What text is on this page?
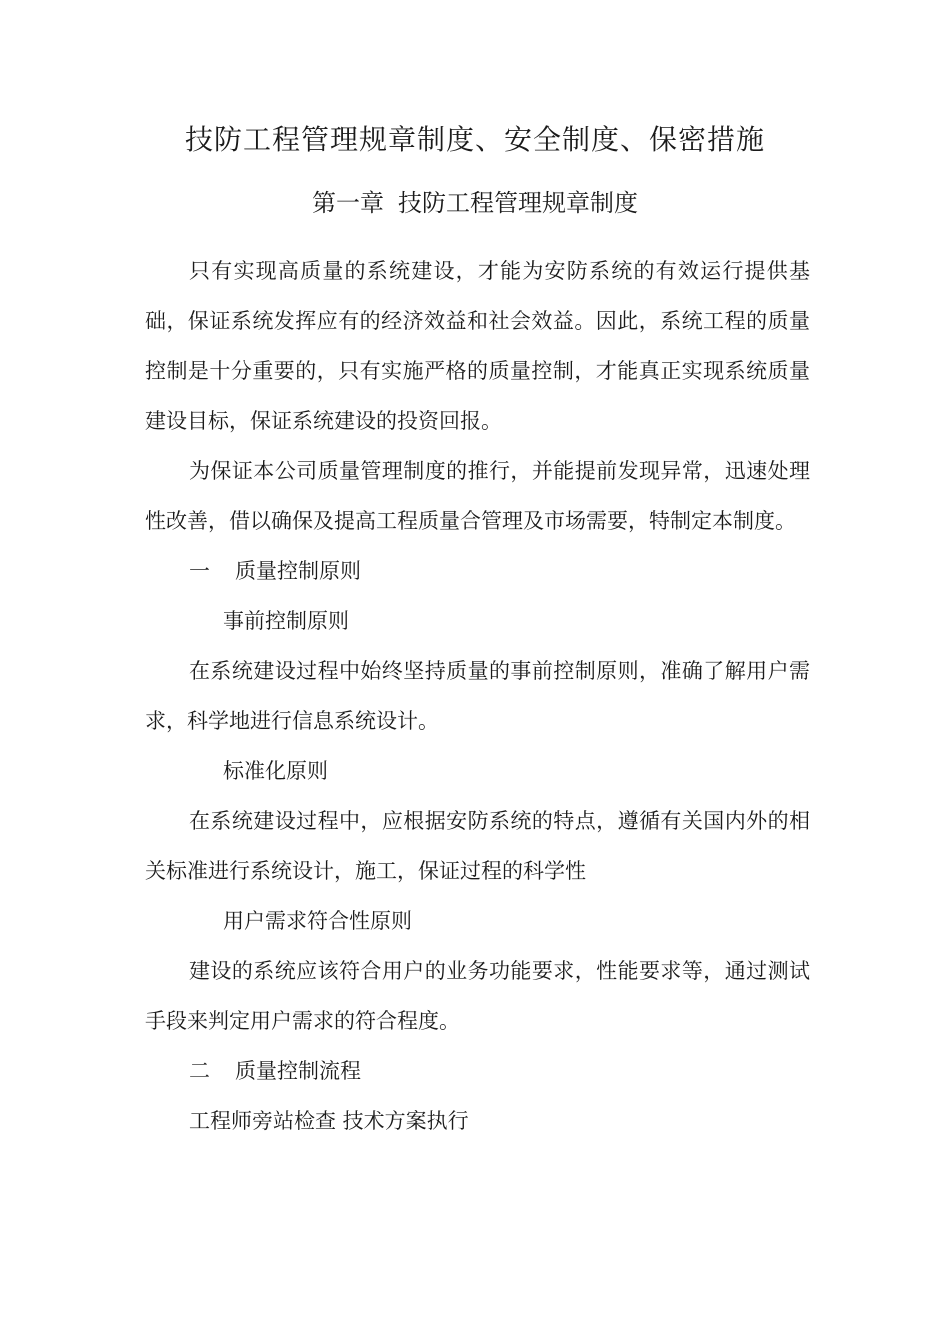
技防工程管理规章制度、安全制度、保密措施
第一章 技防工程管理规章制度

只有实现高质量的系统建设，才能为安防系统的有效运行提供基础，保证系统发挥应有的经济效益和社会效益。因此，系统工程的质量控制是十分重要的，只有实施严格的质量控制，才能真正实现系统质量建设目标，保证系统建设的投资回报。

为保证本公司质量管理制度的推行，并能提前发现异常，迅速处理性改善，借以确保及提高工程质量合管理及市场需要，特制定本制度。

一 质量控制原则

事前控制原则

在系统建设过程中始终坚持质量的事前控制原则，准确了解用户需求，科学地进行信息系统设计。

标准化原则

在系统建设过程中，应根据安防系统的特点，遵循有关国内外的相关标准进行系统设计，施工，保证过程的科学性

用户需求符合性原则

建设的系统应该符合用户的业务功能要求，性能要求等，通过测试手段来判定用户需求的符合程度。

二 质量控制流程

工程师旁站检查 技术方案执行
